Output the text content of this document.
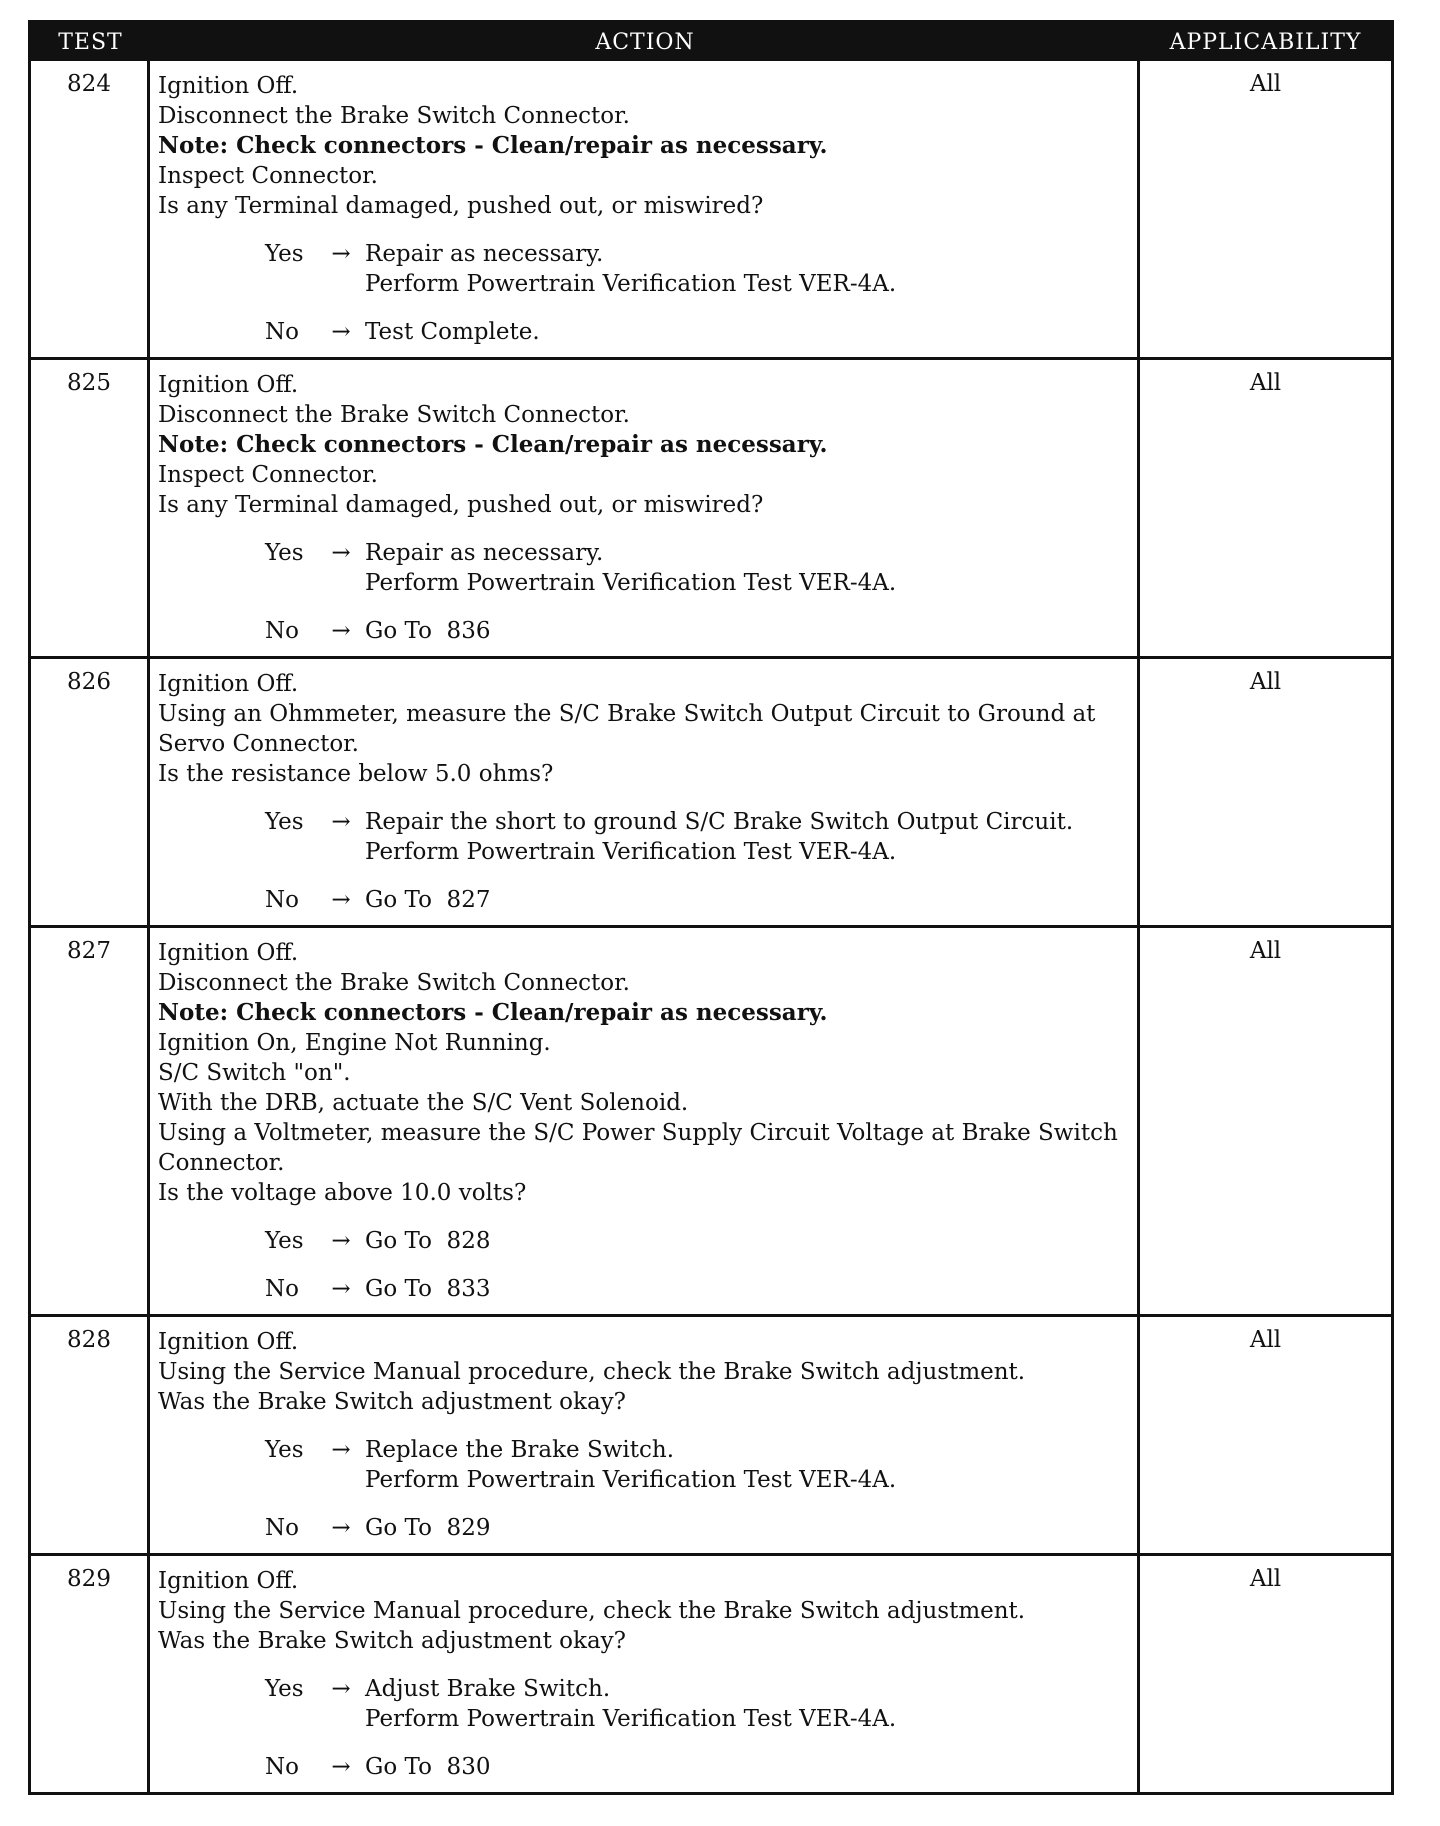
TEST	ACTION	APPLICABILITY
824	Ignition Off.
Disconnect the Brake Switch Connector.
Note: Check connectors - Clean/repair as necessary.
Inspect Connector.
Is any Terminal damaged, pushed out, or miswired?
Yes	→ Repair as necessary.
Perform Powertrain Verification Test VER-4A.
No	→ Test Complete.
All
825	Ignition Off.
Disconnect the Brake Switch Connector.
Note: Check connectors - Clean/repair as necessary.
Inspect Connector.
Is any Terminal damaged, pushed out, or miswired?
Yes	→ Repair as necessary.
Perform Powertrain Verification Test VER-4A.
No	→ Go To  836
All
826	Ignition Off.
Using an Ohmmeter, measure the S/C Brake Switch Output Circuit to Ground at Servo Connector.
Is the resistance below 5.0 ohms?
Yes	→ Repair the short to ground S/C Brake Switch Output Circuit.
Perform Powertrain Verification Test VER-4A.
No	→ Go To  827
All
827	Ignition Off.
Disconnect the Brake Switch Connector.
Note: Check connectors - Clean/repair as necessary.
Ignition On, Engine Not Running.
S/C Switch "on".
With the DRB, actuate the S/C Vent Solenoid.
Using a Voltmeter, measure the S/C Power Supply Circuit Voltage at Brake Switch Connector.
Is the voltage above 10.0 volts?
Yes	→ Go To  828
No	→ Go To  833
All
828	Ignition Off.
Using the Service Manual procedure, check the Brake Switch adjustment.
Was the Brake Switch adjustment okay?
Yes	→ Replace the Brake Switch.
Perform Powertrain Verification Test VER-4A.
No	→ Go To  829
All
829	Ignition Off.
Using the Service Manual procedure, check the Brake Switch adjustment.
Was the Brake Switch adjustment okay?
Yes	→ Adjust Brake Switch.
Perform Powertrain Verification Test VER-4A.
No	→ Go To  830
All
